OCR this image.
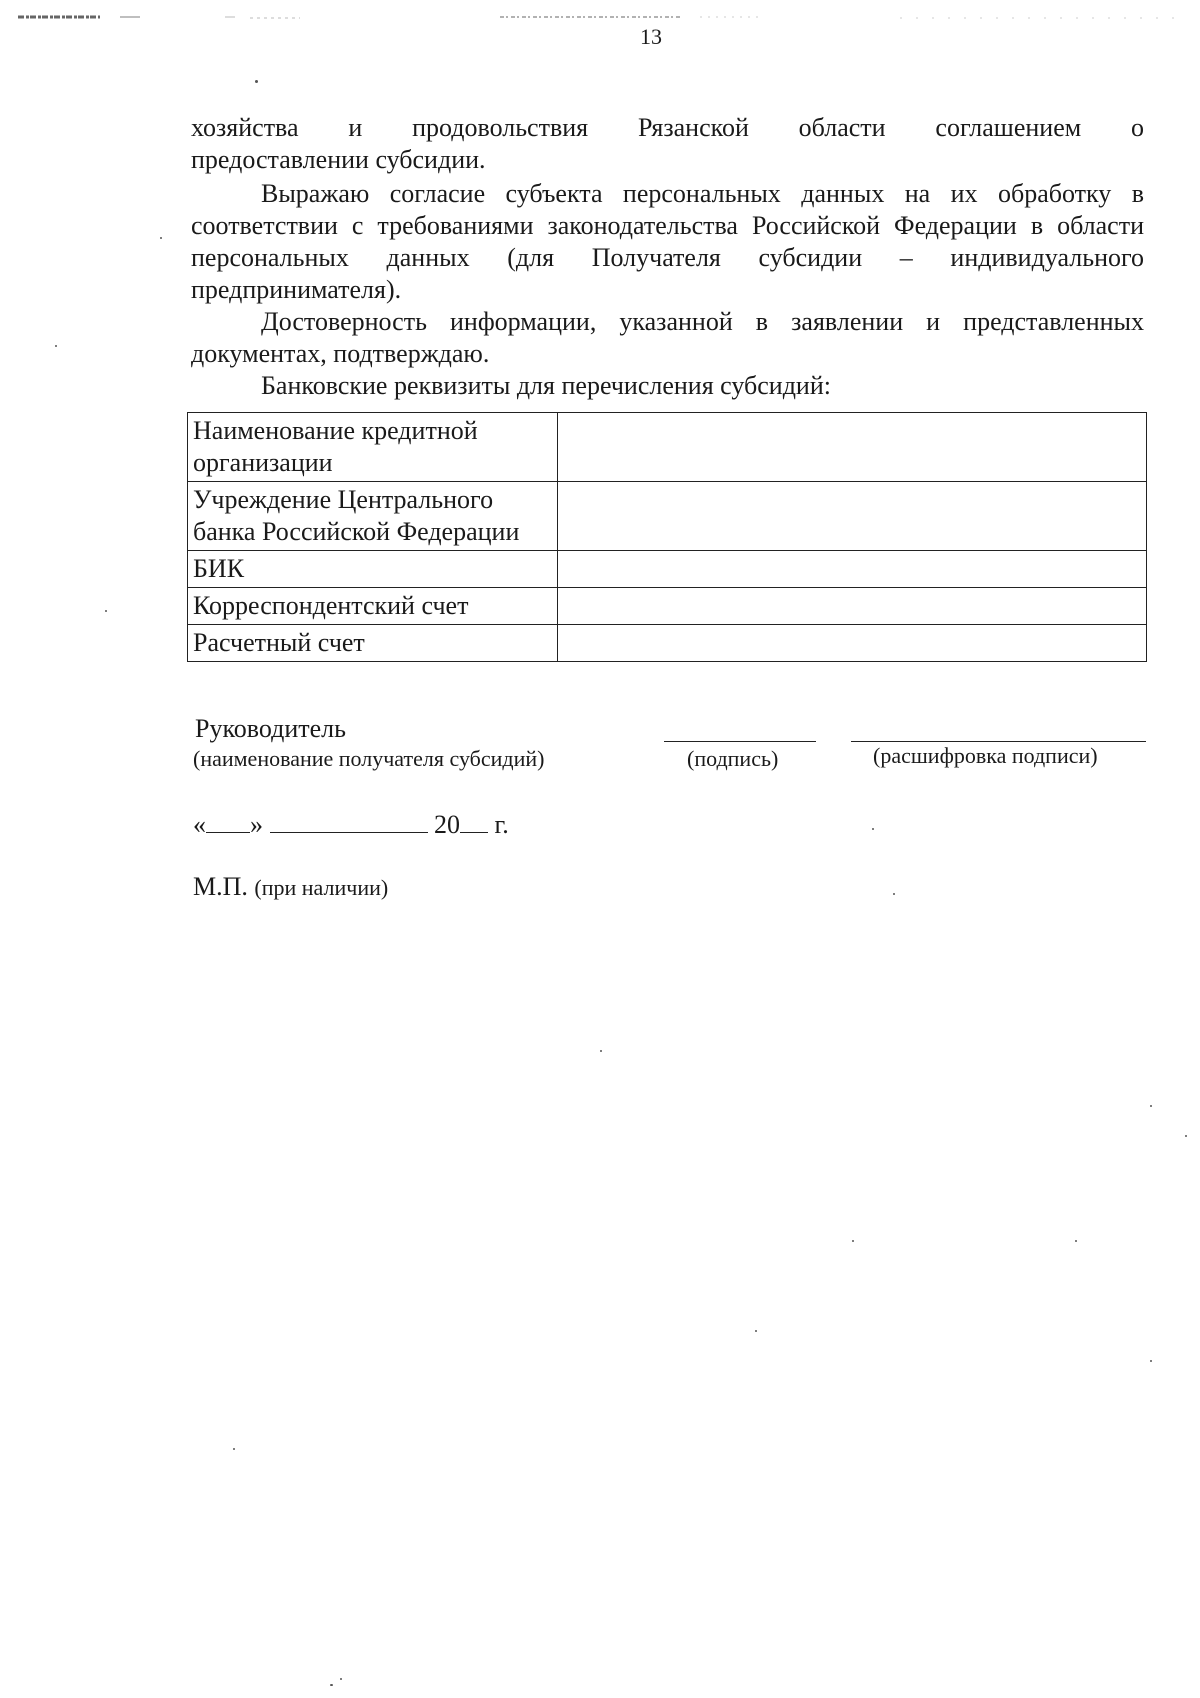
13
хозяйства и продовольствия Рязанской области соглашением о
предоставлении субсидии.
Выражаю согласие субъекта персональных данных на их обработку в соответствии с требованиями законодательства Российской Федерации в области персональных данных (для Получателя субсидии – индивидуального предпринимателя).
Достоверность информации, указанной в заявлении и представленных документах, подтверждаю.
Банковские реквизиты для перечисления субсидий:
Наименование кредитной организации	
Учреждение Центрального банка Российской Федерации	
БИК	
Корреспондентский счет	
Расчетный счет	
Руководитель
(наименование получателя субсидий)	(подпись)	(расшифровка подписи)
« »	20 г.
М.П. (при наличии)
